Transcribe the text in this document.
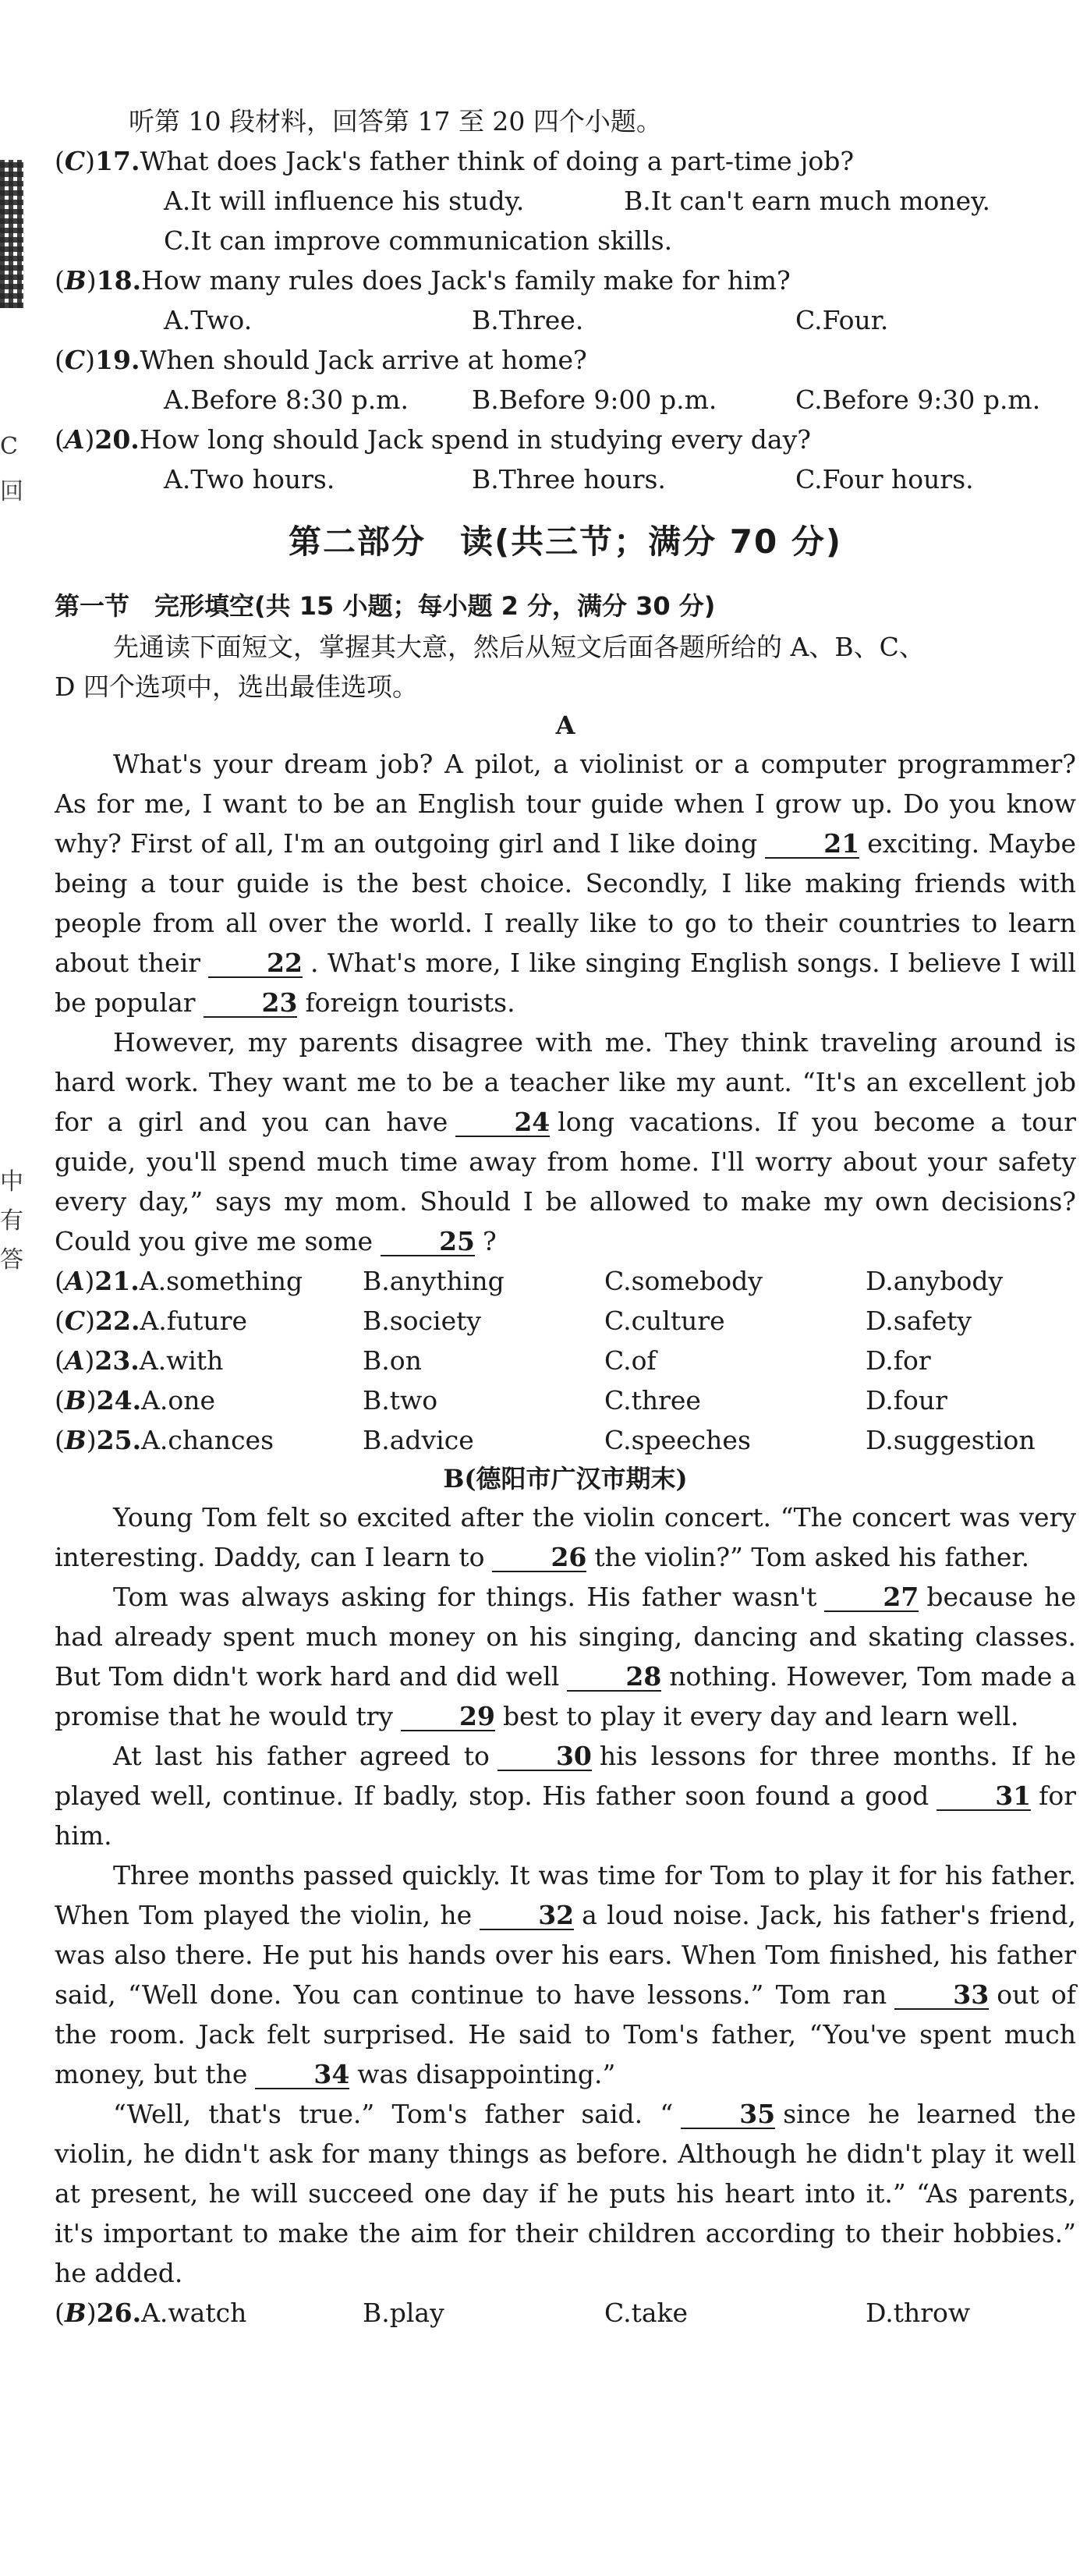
C
回
中
有
答
听第 10 段材料，回答第 17 至 20 四个小题。
(C)17.What does Jack's father think of doing a part-time job?
A.It will influence his study.	B.It can't earn much money.
C.It can improve communication skills.
(B)18.How many rules does Jack's family make for him?
A.Two.	B.Three.	C.Four.
(C)19.When should Jack arrive at home?
A.Before 8:30 p.m.	B.Before 9:00 p.m.	C.Before 9:30 p.m.
(A)20.How long should Jack spend in studying every day?
A.Two hours.	B.Three hours.	C.Four hours.
第二部分　读(共三节；满分 70 分)
第一节　完形填空(共 15 小题；每小题 2 分，满分 30 分)
先通读下面短文，掌握其大意，然后从短文后面各题所给的 A、B、C、
D 四个选项中，选出最佳选项。
A

What's your dream job? A pilot, a violinist or a computer programmer? As for me, I want to be an English tour guide when I grow up. Do you know why? First of all, I'm an outgoing girl and I like doing	21 exciting. Maybe being a tour guide is the best choice. Secondly, I like making friends with people from all over the world. I really like to go to their countries to learn about their	22 . What's more, I like singing English songs. I believe I will be popular	23 foreign tourists.

However, my parents disagree with me. They think traveling around is hard work. They want me to be a teacher like my aunt. “It's an excellent job for a girl and you can have	24 long vacations. If you become a tour guide, you'll spend much time away from home. I'll worry about your safety every day,” says my mom. Should I be allowed to make my own decisions? Could you give me some	25 ?

(A)21.A.something	B.anything	C.somebody	D.anybody
(C)22.A.future	B.society	C.culture	D.safety
(A)23.A.with	B.on	C.of	D.for
(B)24.A.one	B.two	C.three	D.four
(B)25.A.chances	B.advice	C.speeches	D.suggestion
B(德阳市广汉市期末)

Young Tom felt so excited after the violin concert. “The concert was very interesting. Daddy, can I learn to	26 the violin?” Tom asked his father.

Tom was always asking for things. His father wasn't	27 because he had already spent much money on his singing, dancing and skating classes. But Tom didn't work hard and did well	28 nothing. However, Tom made a promise that he would try	29 best to play it every day and learn well.

At last his father agreed to	30 his lessons for three months. If he played well, continue. If badly, stop. His father soon found a good	31 for him.

Three months passed quickly. It was time for Tom to play it for his father. When Tom played the violin, he	32 a loud noise. Jack, his father's friend, was also there. He put his hands over his ears. When Tom finished, his father said, “Well done. You can continue to have lessons.” Tom ran	33 out of the room. Jack felt surprised. He said to Tom's father, “You've spent much money, but the	34 was disappointing.”

“Well, that's true.” Tom's father said. “	35 since he learned the violin, he didn't ask for many things as before. Although he didn't play it well at present, he will succeed one day if he puts his heart into it.” “As parents, it's important to make the aim for their children according to their hobbies.” he added.

(B)26.A.watch	B.play	C.take	D.throw
